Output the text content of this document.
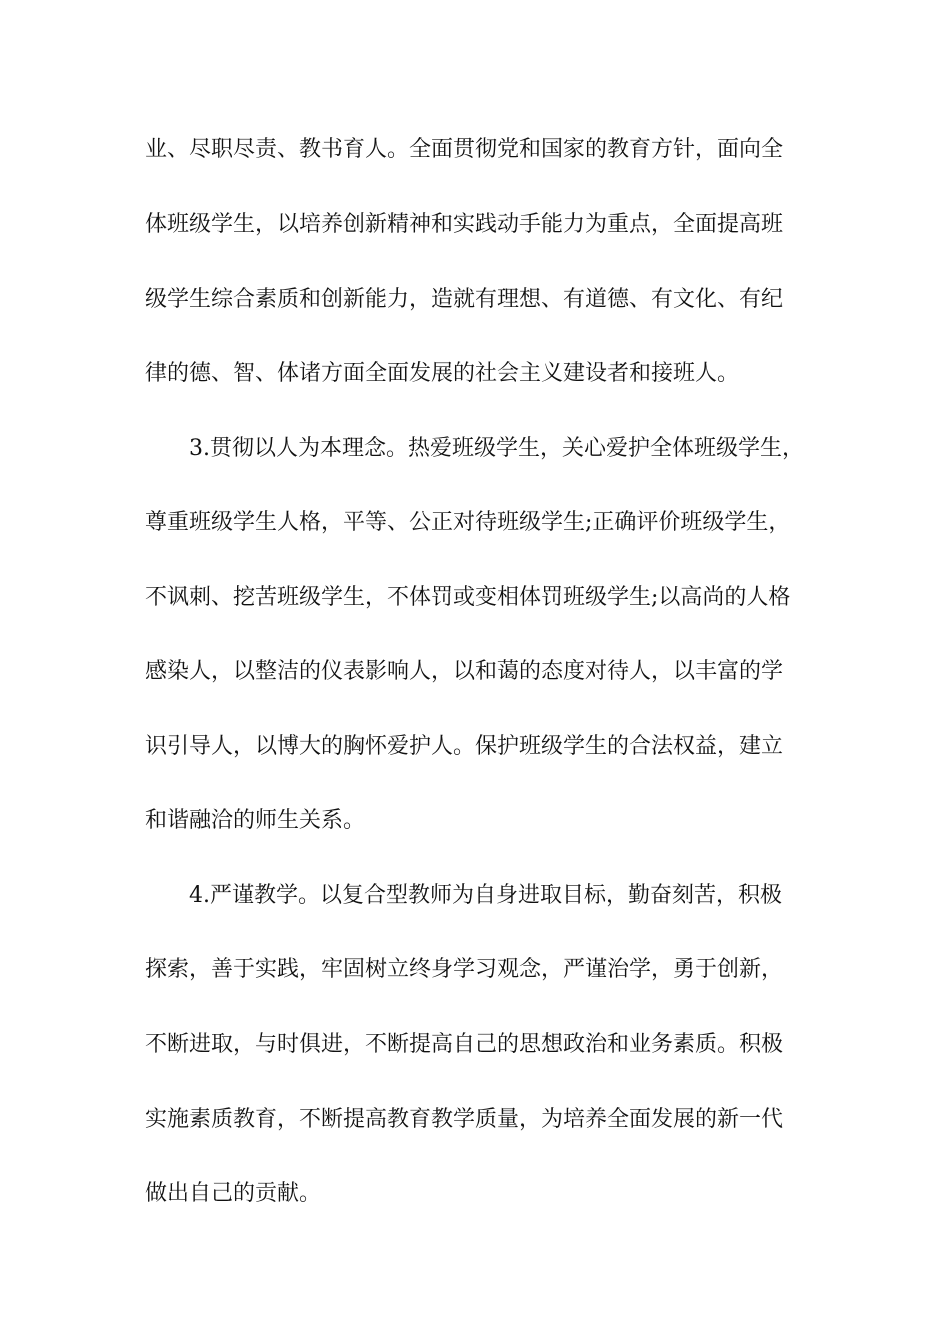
业、尽职尽责、教书育人。全面贯彻党和国家的教育方针，面向全
体班级学生，以培养创新精神和实践动手能力为重点，全面提高班
级学生综合素质和创新能力，造就有理想、有道德、有文化、有纪
律的德、智、体诸方面全面发展的社会主义建设者和接班人。
3.贯彻以人为本理念。热爱班级学生，关心爱护全体班级学生，
尊重班级学生人格，平等、公正对待班级学生;正确评价班级学生，
不讽刺、挖苦班级学生，不体罚或变相体罚班级学生;以高尚的人格
感染人，以整洁的仪表影响人，以和蔼的态度对待人，以丰富的学
识引导人，以博大的胸怀爱护人。保护班级学生的合法权益，建立
和谐融洽的师生关系。
4.严谨教学。以复合型教师为自身进取目标，勤奋刻苦，积极
探索，善于实践，牢固树立终身学习观念，严谨治学，勇于创新，
不断进取，与时俱进，不断提高自己的思想政治和业务素质。积极
实施素质教育，不断提高教育教学质量，为培养全面发展的新一代
做出自己的贡献。
